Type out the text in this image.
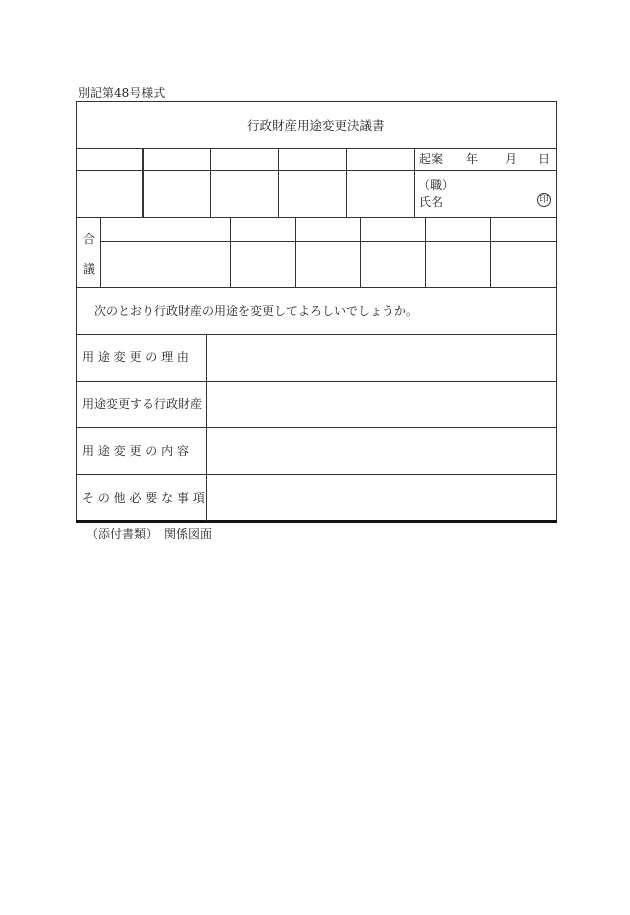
別記第48号様式
行政財産用途変更決議書
起案 年 月 日
（職）
氏名	印
合
議
次のとおり行政財産の用途を変更してよろしいでしょうか。
用 途 変 更 の 理 由
用途変更する行政財産
用 途 変 更 の 内 容
そ の 他 必 要 な 事 項
（添付書類）　関係図面
